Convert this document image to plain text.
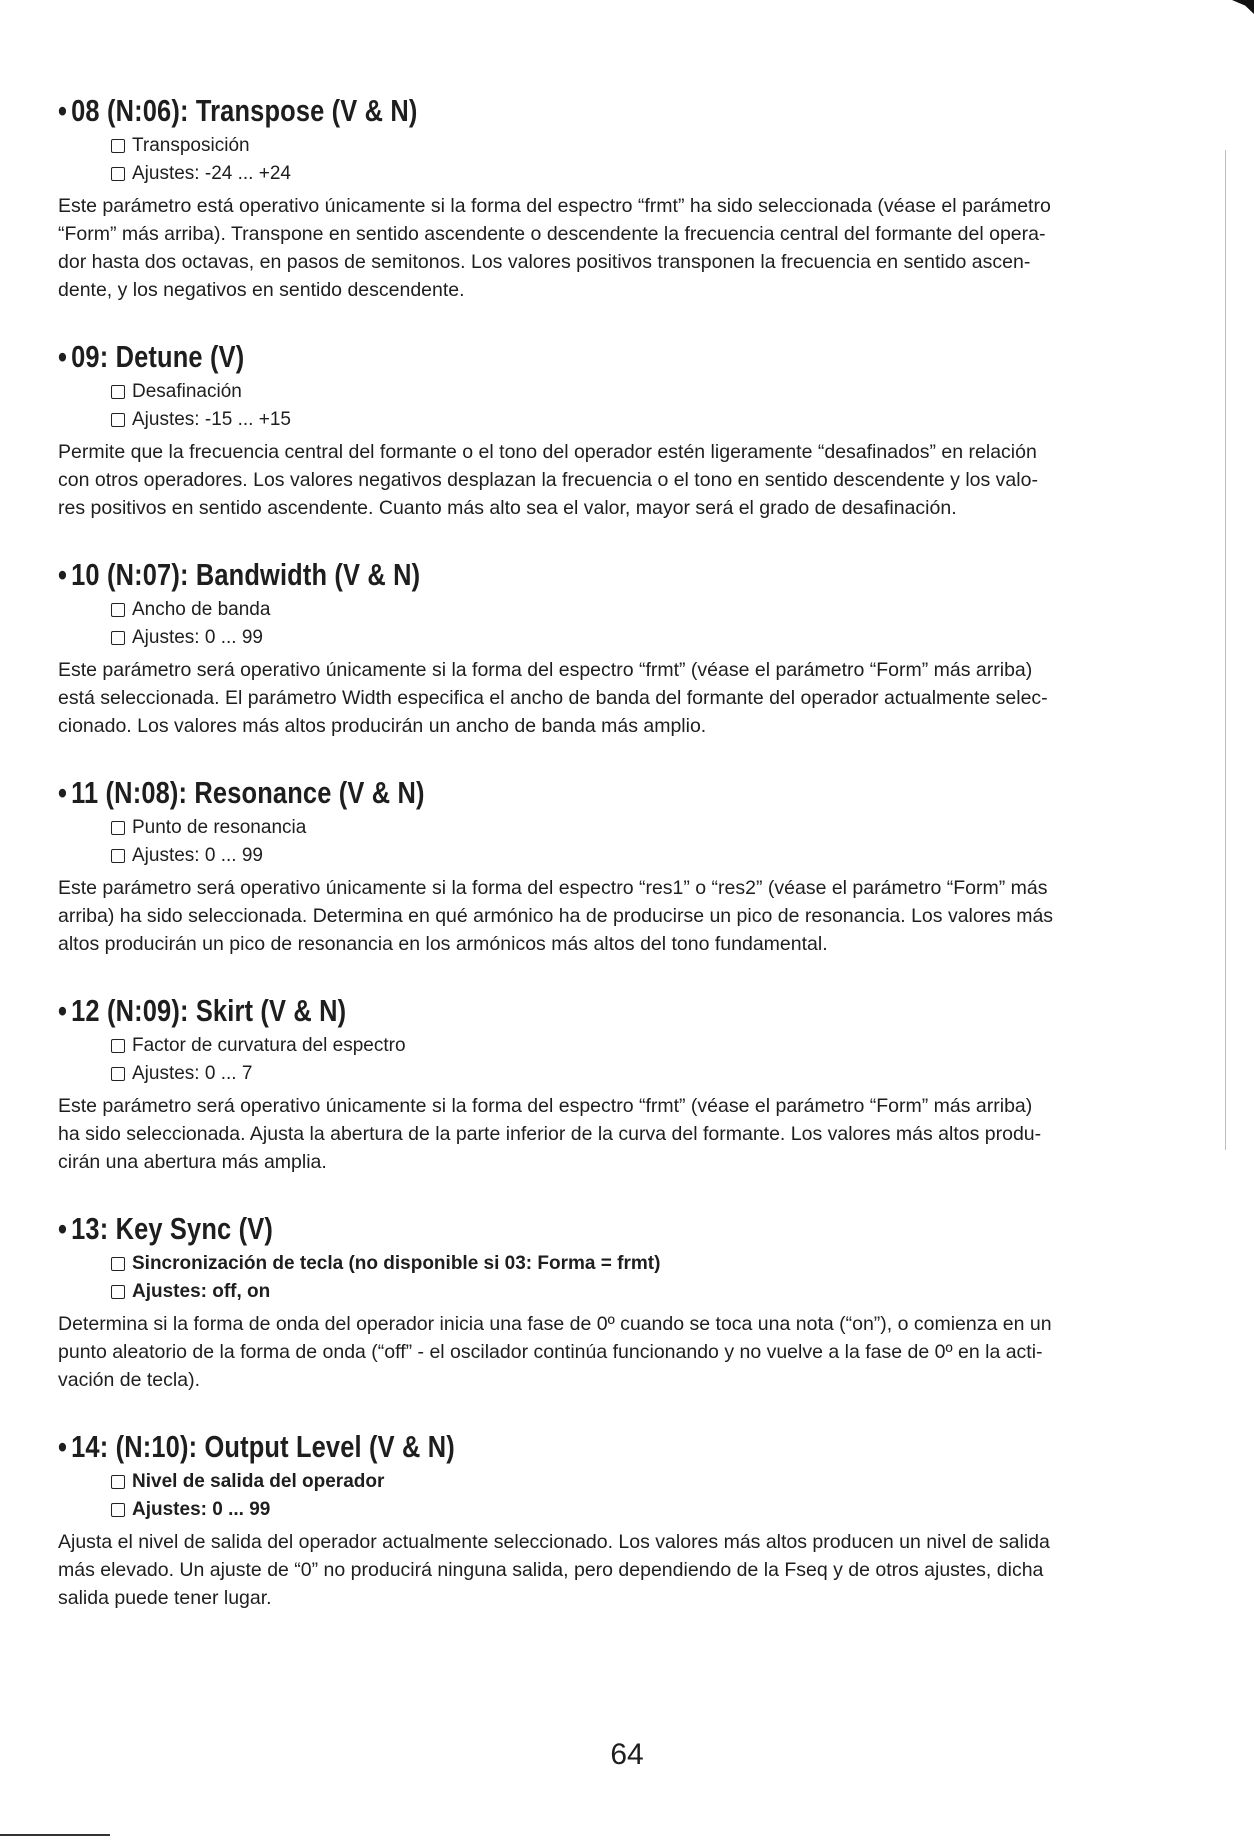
• 08 (N:06): Transpose (V & N)
Transposición
Ajustes: -24 ... +24

Este parámetro está operativo únicamente si la forma del espectro “frmt” ha sido seleccionada (véase el parámetro
“Form” más arriba). Transpone en sentido ascendente o descendente la frecuencia central del formante del opera-
dor hasta dos octavas, en pasos de semitonos. Los valores positivos transponen la frecuencia en sentido ascen-
dente, y los negativos en sentido descendente.

• 09: Detune (V)
Desafinación
Ajustes: -15 ... +15

Permite que la frecuencia central del formante o el tono del operador estén ligeramente “desafinados” en relación
con otros operadores. Los valores negativos desplazan la frecuencia o el tono en sentido descendente y los valo-
res positivos en sentido ascendente. Cuanto más alto sea el valor, mayor será el grado de desafinación.

• 10 (N:07): Bandwidth (V & N)
Ancho de banda
Ajustes: 0 ... 99

Este parámetro será operativo únicamente si la forma del espectro “frmt” (véase el parámetro “Form” más arriba)
está seleccionada. El parámetro Width especifica el ancho de banda del formante del operador actualmente selec-
cionado. Los valores más altos producirán un ancho de banda más amplio.

• 11 (N:08): Resonance (V & N)
Punto de resonancia
Ajustes: 0 ... 99

Este parámetro será operativo únicamente si la forma del espectro “res1” o “res2” (véase el parámetro “Form” más
arriba) ha sido seleccionada. Determina en qué armónico ha de producirse un pico de resonancia. Los valores más
altos producirán un pico de resonancia en los armónicos más altos del tono fundamental.

• 12 (N:09): Skirt (V & N)
Factor de curvatura del espectro
Ajustes: 0 ... 7

Este parámetro será operativo únicamente si la forma del espectro “frmt” (véase el parámetro “Form” más arriba)
ha sido seleccionada. Ajusta la abertura de la parte inferior de la curva del formante. Los valores más altos produ-
cirán una abertura más amplia.

• 13: Key Sync (V)
Sincronización de tecla (no disponible si 03: Forma = frmt)
Ajustes: off, on

Determina si la forma de onda del operador inicia una fase de 0º cuando se toca una nota (“on”), o comienza en un
punto aleatorio de la forma de onda (“off” - el oscilador continúa funcionando y no vuelve a la fase de 0º en la acti-
vación de tecla).

• 14: (N:10): Output Level (V & N)
Nivel de salida del operador
Ajustes: 0 ... 99

Ajusta el nivel de salida del operador actualmente seleccionado. Los valores más altos producen un nivel de salida
más elevado. Un ajuste de “0” no producirá ninguna salida, pero dependiendo de la Fseq y de otros ajustes, dicha
salida puede tener lugar.

64
